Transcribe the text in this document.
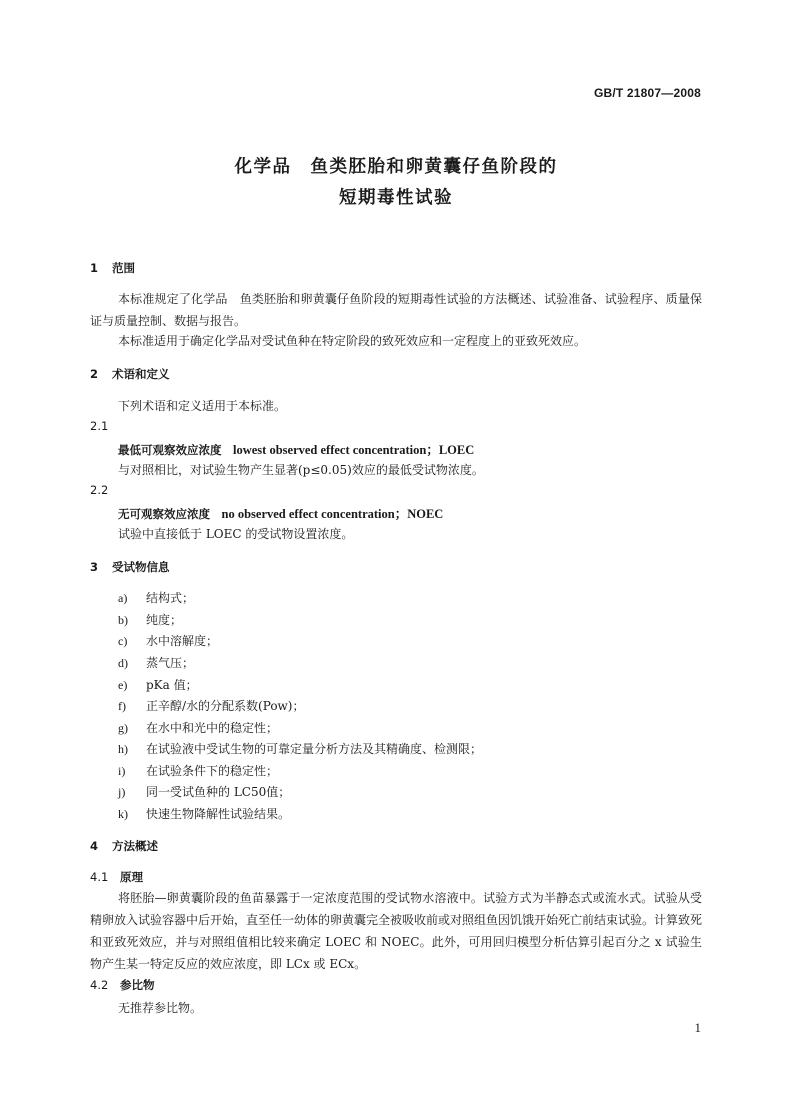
GB/T 21807—2008
化学品　鱼类胚胎和卵黄囊仔鱼阶段的
短期毒性试验
1 范围
本标准规定了化学品　鱼类胚胎和卵黄囊仔鱼阶段的短期毒性试验的方法概述、试验准备、试验程序、质量保证与质量控制、数据与报告。
本标准适用于确定化学品对受试鱼种在特定阶段的致死效应和一定程度上的亚致死效应。
2 术语和定义
下列术语和定义适用于本标准。
2.1
最低可观察效应浓度  lowest observed effect concentration；LOEC
与对照相比，对试验生物产生显著(p≤0.05)效应的最低受试物浓度。
2.2
无可观察效应浓度  no observed effect concentration；NOEC
试验中直接低于 LOEC 的受试物设置浓度。
3 受试物信息
a) 结构式；
b) 纯度；
c) 水中溶解度；
d) 蒸气压；
e) pKa 值；
f) 正辛醇/水的分配系数(Pow)；
g) 在水中和光中的稳定性；
h) 在试验液中受试生物的可靠定量分析方法及其精确度、检测限；
i) 在试验条件下的稳定性；
j) 同一受试鱼种的 LC50值；
k) 快速生物降解性试验结果。
4 方法概述
4.1 原理
将胚胎—卵黄囊阶段的鱼苗暴露于一定浓度范围的受试物水溶液中。试验方式为半静态式或流水式。试验从受精卵放入试验容器中后开始，直至任一幼体的卵黄囊完全被吸收前或对照组鱼因饥饿开始死亡前结束试验。计算致死和亚致死效应，并与对照组值相比较来确定 LOEC 和 NOEC。此外，可用回归模型分析估算引起百分之 x 试验生物产生某一特定反应的效应浓度，即 LCx 或 ECx。
4.2 参比物
无推荐参比物。
1
